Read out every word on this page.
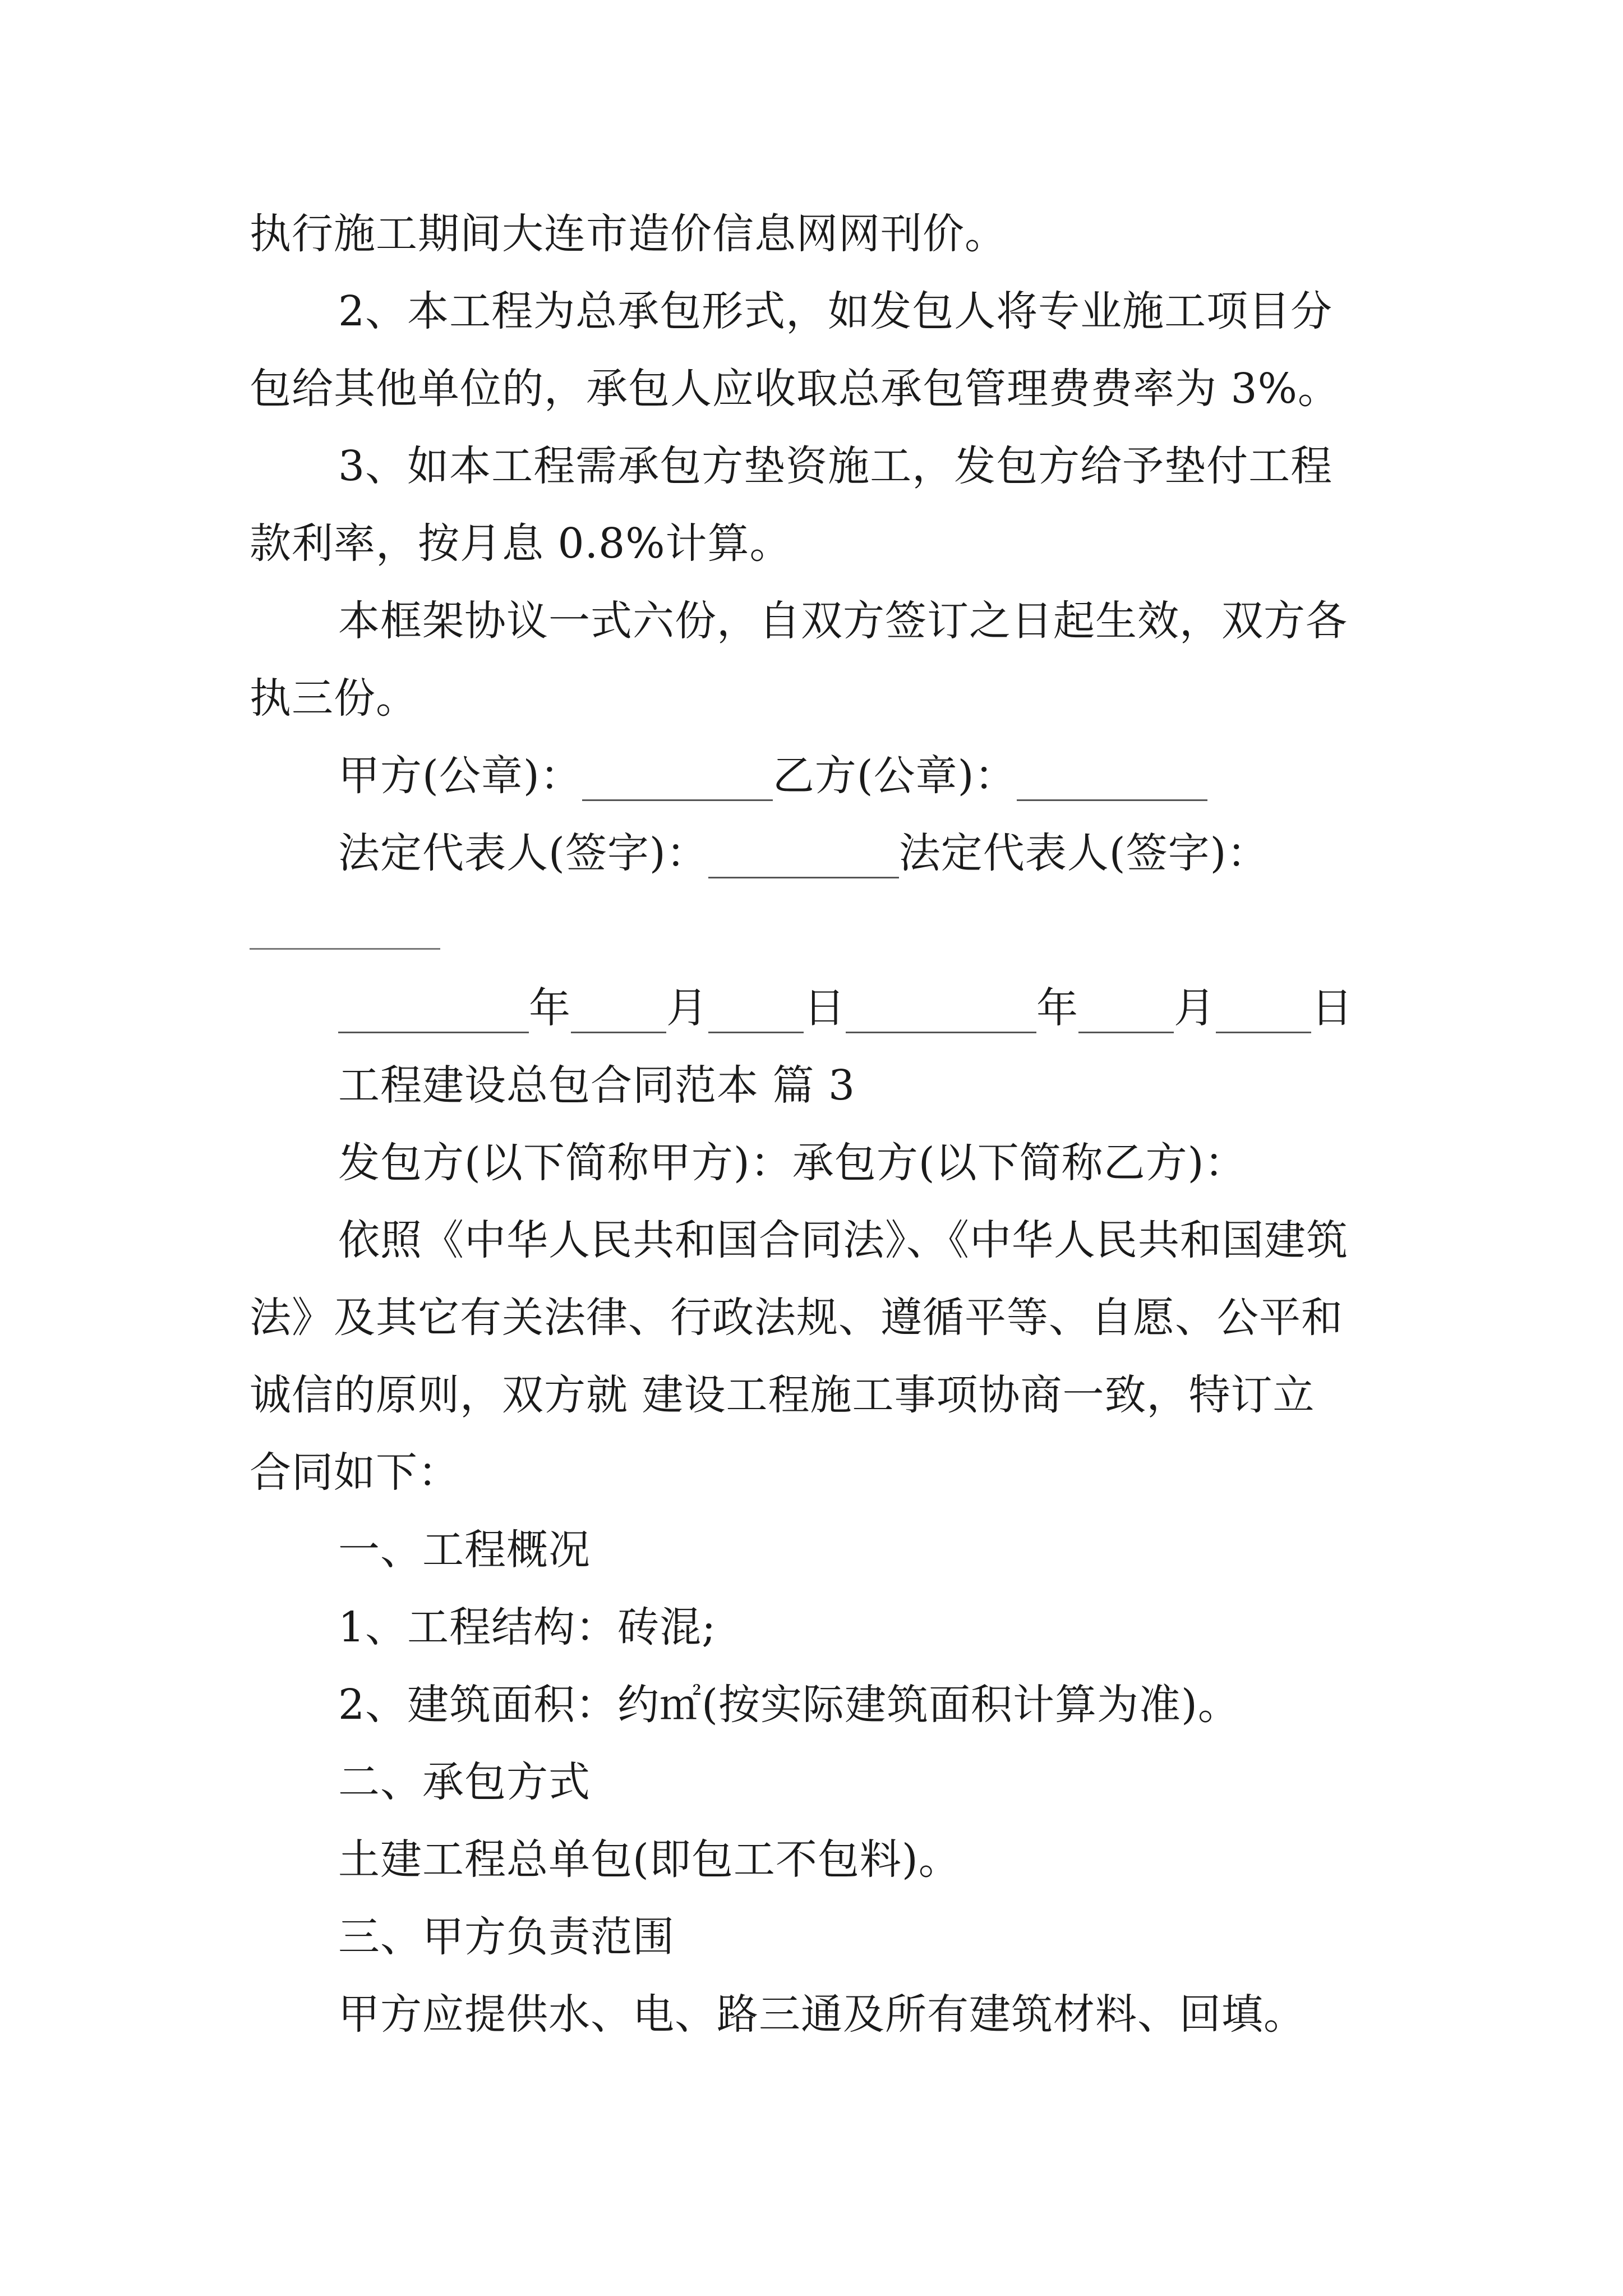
执行施工期间大连市造价信息网网刊价。
2、本工程为总承包形式，如发包人将专业施工项目分
包给其他单位的，承包人应收取总承包管理费费率为 3%。
3、如本工程需承包方垫资施工，发包方给予垫付工程
款利率，按月息 0.8%计算。
本框架协议一式六份，自双方签订之日起生效，双方各
执三份。
甲方(公章)：	乙方(公章)：
法定代表人(签字)：	法定代表人(签字)：
年 月 日	年 月 日
工程建设总包合同范本 篇 3
发包方(以下简称甲方)：承包方(以下简称乙方)：
依照《中华人民共和国合同法》、《中华人民共和国建筑
法》及其它有关法律、行政法规、遵循平等、自愿、公平和
诚信的原则，双方就 建设工程施工事项协商一致，特订立
合同如下：
一、工程概况
1、工程结构：砖混;
2、建筑面积：约㎡(按实际建筑面积计算为准)。
二、承包方式
土建工程总单包(即包工不包料)。
三、甲方负责范围
甲方应提供水、电、路三通及所有建筑材料、回填。
